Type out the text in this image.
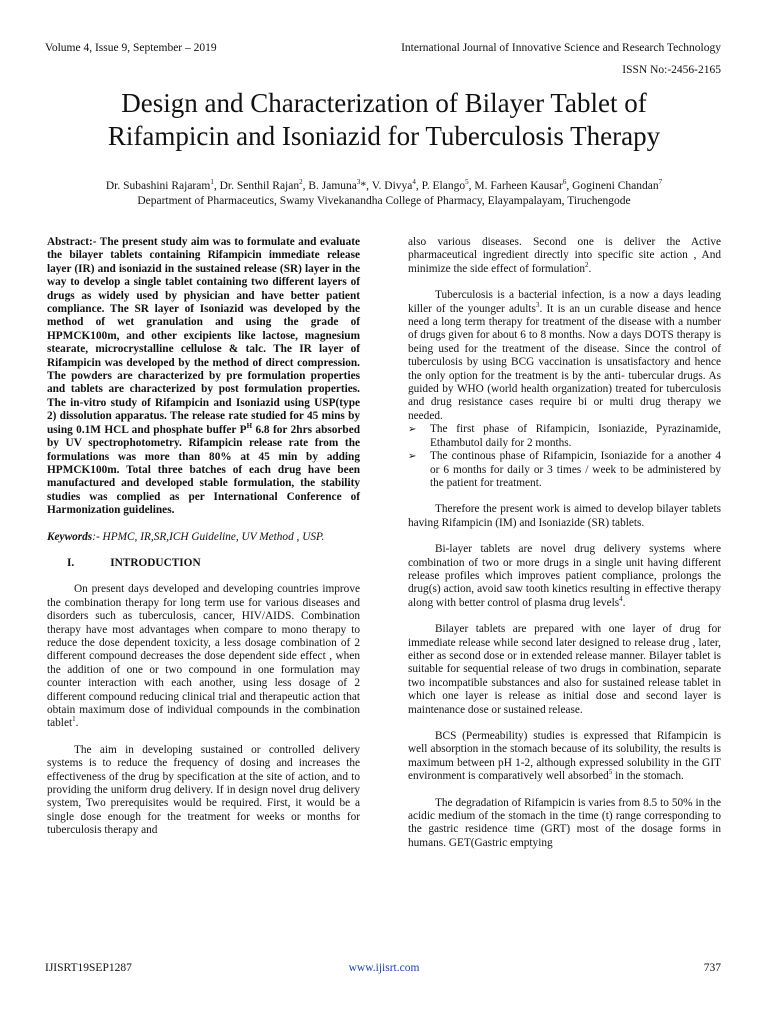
Volume 4, Issue 9, September – 2019	International Journal of Innovative Science and Research Technology
ISSN No:-2456-2165
Design and Characterization of Bilayer Tablet of
Rifampicin and Isoniazid for Tuberculosis Therapy
Dr. Subashini Rajaram$^1$, Dr. Senthil Rajan$^2$, B. Jamuna$^3$*, V. Divya$^4$, P. Elango$^5$, M. Farheen Kausar$^6$, Gogineni Chandan$^7$
Department of Pharmaceutics, Swamy Vivekanandha College of Pharmacy, Elayampalayam, Tiruchengode

Abstract:- The present study aim was to formulate and evaluate the bilayer tablets containing Rifampicin immediate release layer (IR) and isoniazid in the sustained release (SR) layer in the way to develop a single tablet containing two different layers of drugs as widely used by physician and have better patient compliance. The SR layer of Isoniazid was developed by the method of wet granulation and using the grade of HPMCK100m, and other excipients like lactose, magnesium stearate, microcrystalline cellulose & talc. The IR layer of Rifampicin was developed by the method of direct compression. The powders are characterized by pre formulation properties and tablets are characterized by post formulation properties. The in-vitro study of Rifampicin and Isoniazid using USP(type 2) dissolution apparatus. The release rate studied for 45 mins by using 0.1M HCL and phosphate buffer $P^H$ 6.8 for 2hrs absorbed by UV spectrophotometry. Rifampicin release rate from the formulations was more than 80% at 45 min by adding HPMCK100m. Total three batches of each drug have been manufactured and developed stable formulation, the stability studies was complied as per International Conference of Harmonization guidelines.

Keywords:- HPMC, IR,SR,ICH Guideline, UV Method , USP.

I.	INTRODUCTION

On present days developed and developing countries improve the combination therapy for long term use for various diseases and disorders such as tuberculosis, cancer, HIV/AIDS. Combination therapy have most advantages when compare to mono therapy to reduce the dose dependent toxicity, a less dosage combination of 2 different compound decreases the dose dependent side effect , when the addition of one or two compound in one formulation may counter interaction with each another, using less dosage of 2 different compound reducing clinical trial and therapeutic action that obtain maximum dose of individual compounds in the combination tablet$^1$.

The aim in developing sustained or controlled delivery systems is to reduce the frequency of dosing and increases the effectiveness of the drug by specification at the site of action, and to providing the uniform drug delivery. If in design novel drug delivery system, Two prerequisites would be required. First, it would be a single dose enough for the treatment for weeks or months for tuberculosis therapy and

also various diseases. Second one is deliver the Active pharmaceutical ingredient directly into specific site action , And minimize the side effect of formulation$^2$.

Tuberculosis is a bacterial infection, is a now a days leading killer of the younger adults$^3$. It is an un curable disease and hence need a long term therapy for treatment of the disease with a number of drugs given for about 6 to 8 months. Now a days DOTS therapy is being used for the treatment of the disease. Since the control of tuberculosis by using BCG vaccination is unsatisfactory and hence the only option for the treatment is by the anti- tubercular drugs. As guided by WHO (world health organization) treated for tuberculosis and drug resistance cases require bi or multi drug therapy we needed.

➢ The first phase of Rifampicin, Isoniazide, Pyrazinamide, Ethambutol daily for 2 months.
➢ The continous phase of Rifampicin, Isoniazide for a another 4 or 6 months for daily or 3 times / week to be administered by the patient for treatment.

Therefore the present work is aimed to develop bilayer tablets having Rifampicin (IM) and Isoniazide (SR) tablets.

Bi-layer tablets are novel drug delivery systems where combination of two or more drugs in a single unit having different release profiles which improves patient compliance, prolongs the drug(s) action, avoid saw tooth kinetics resulting in effective therapy along with better control of plasma drug levels$^4$.

Bilayer tablets are prepared with one layer of drug for immediate release while second later designed to release drug , later, either as second dose or in extended release manner. Bilayer tablet is suitable for sequential release of two drugs in combination, separate two incompatible substances and also for sustained release tablet in which one layer is release as initial dose and second layer is maintenance dose or sustained release.

BCS (Permeability) studies is expressed that Rifampicin is well absorption in the stomach because of its solubility, the results is maximum between pH 1-2, although expressed solubility in the GIT environment is comparatively well absorbed$^5$ in the stomach.

The degradation of Rifampicin is varies from 8.5 to 50% in the acidic medium of the stomach in the time (t) range corresponding to the gastric residence time (GRT) most of the dosage forms in humans. GET(Gastric emptying

IJISRT19SEP1287	www.ijisrt.com	737
